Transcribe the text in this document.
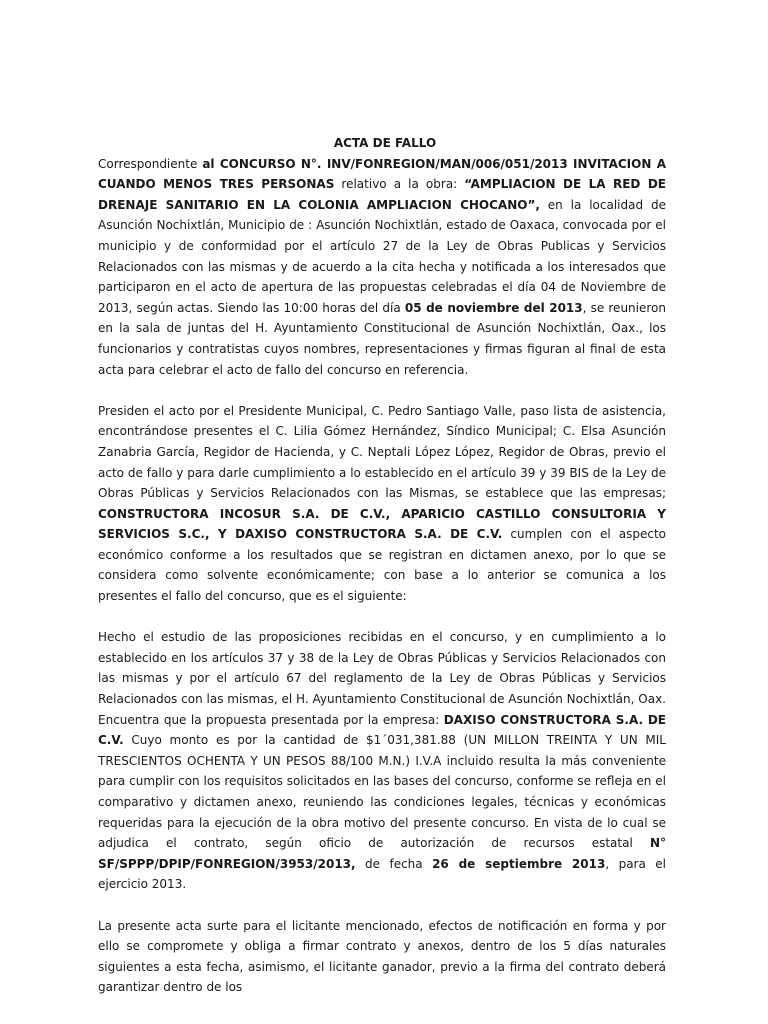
ACTA DE FALLO

Correspondiente al CONCURSO N°. INV/FONREGION/MAN/006/051/2013 INVITACION A CUANDO MENOS TRES PERSONAS relativo a la obra: “AMPLIACION DE LA RED DE DRENAJE SANITARIO EN LA COLONIA AMPLIACION CHOCANO”, en la localidad de Asunción Nochixtlán, Municipio de : Asunción Nochixtlán, estado de Oaxaca, convocada por el municipio y de conformidad por el artículo 27 de la Ley de Obras Publicas y Servicios Relacionados con las mismas y de acuerdo a la cita hecha y notificada a los interesados que participaron en el acto de apertura de las propuestas celebradas el día 04 de Noviembre de 2013, según actas. Siendo las 10:00 horas del día 05 de noviembre del 2013, se reunieron en la sala de juntas del H. Ayuntamiento Constitucional de Asunción Nochixtlán, Oax., los funcionarios y contratistas cuyos nombres, representaciones y firmas figuran al final de esta acta para celebrar el acto de fallo del concurso en referencia.

Presiden el acto por el Presidente Municipal, C. Pedro Santiago Valle, paso lista de asistencia, encontrándose presentes el C. Lilia Gómez Hernández, Síndico Municipal; C. Elsa Asunción Zanabria García, Regidor de Hacienda, y C. Neptali López López, Regidor de Obras, previo el acto de fallo y para darle cumplimiento a lo establecido en el artículo 39 y 39 BIS de la Ley de Obras Públicas y Servicios Relacionados con las Mismas, se establece que las empresas; CONSTRUCTORA INCOSUR S.A. DE C.V., APARICIO CASTILLO CONSULTORIA Y SERVICIOS S.C., Y DAXISO CONSTRUCTORA S.A. DE C.V. cumplen con el aspecto económico conforme a los resultados que se registran en dictamen anexo, por lo que se considera como solvente económicamente; con base a lo anterior se comunica a los presentes el fallo del concurso, que es el siguiente:

Hecho el estudio de las proposiciones recibidas en el concurso, y en cumplimiento a lo establecido en los artículos 37 y 38 de la Ley de Obras Públicas y Servicios Relacionados con las mismas y por el artículo 67 del reglamento de la Ley de Obras Públicas y Servicios Relacionados con las mismas, el H. Ayuntamiento Constitucional de Asunción Nochixtlán, Oax. Encuentra que la propuesta presentada por la empresa: DAXISO CONSTRUCTORA S.A. DE C.V. Cuyo monto es por la cantidad de $1´031,381.88 (UN MILLON TREINTA Y UN MIL TRESCIENTOS OCHENTA Y UN PESOS 88/100 M.N.) I.V.A incluido resulta la más conveniente para cumplir con los requisitos solicitados en las bases del concurso, conforme se refleja en el comparativo y dictamen anexo, reuniendo las condiciones legales, técnicas y económicas requeridas para la ejecución de la obra motivo del presente concurso. En vista de lo cual se adjudica el contrato, según oficio de autorización de recursos estatal N° SF/SPPP/DPIP/FONREGION/3953/2013, de fecha 26 de septiembre 2013, para el ejercicio 2013.

La presente acta surte para el licitante mencionado, efectos de notificación en forma y por ello se compromete y obliga a firmar contrato y anexos, dentro de los 5 días naturales siguientes a esta fecha, asimismo, el licitante ganador, previo a la firma del contrato deberá garantizar dentro de los
